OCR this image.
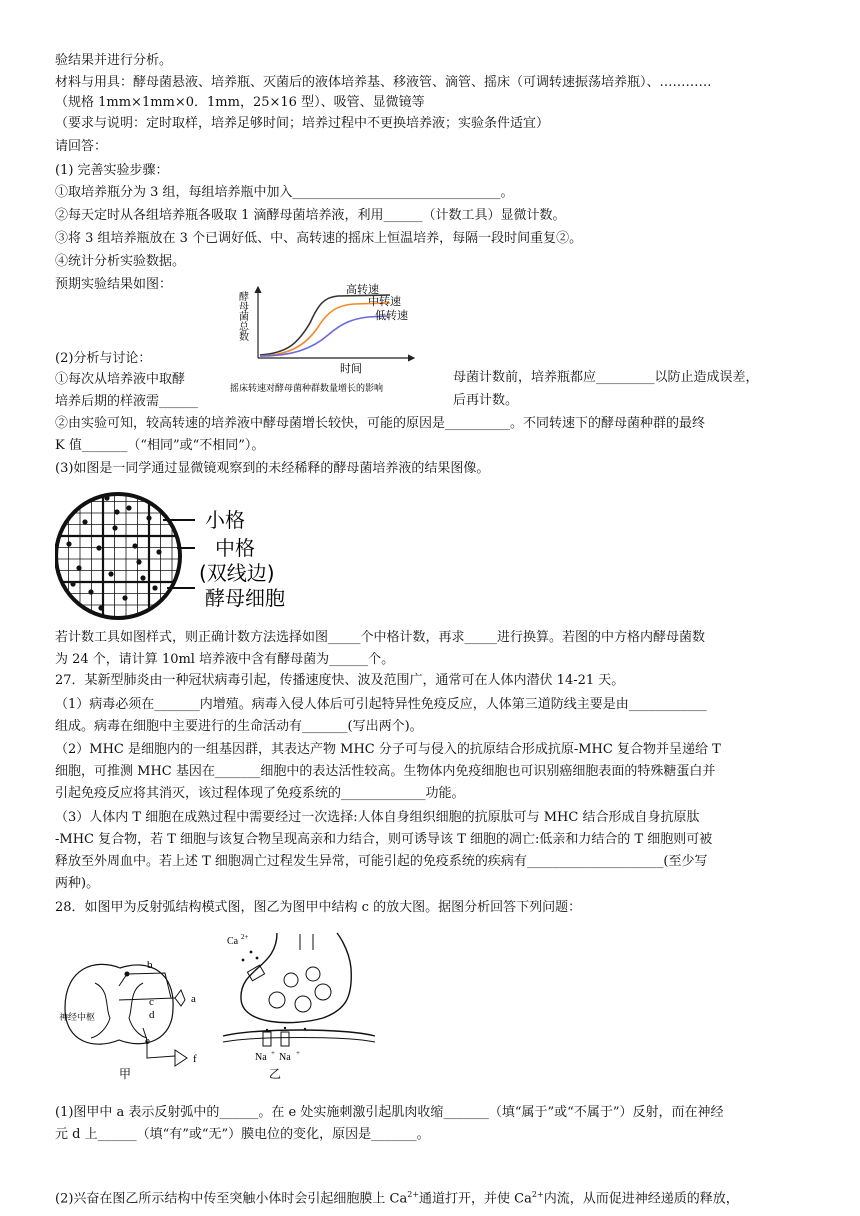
验结果并进行分析。
材料与用具：酵母菌悬液、培养瓶、灭菌后的液体培养基、移液管、滴管、摇床（可调转速振荡培养瓶）、…………
（规格 1mm×1mm×0．1mm，25×16 型）、吸管、显微镜等
（要求与说明：定时取样，培养足够时间；培养过程中不更换培养液；实验条件适宜）
请回答：
(1) 完善实验步骤：
①取培养瓶分为 3 组，每组培养瓶中加入________________________________。
②每天定时从各组培养瓶各吸取 1 滴酵母菌培养液，利用______（计数工具）显微计数。
③将 3 组培养瓶放在 3 个已调好低、中、高转速的摇床上恒温培养，每隔一段时间重复②。
④统计分析实验数据。
预期实验结果如图：
(2)分析与讨论：
①每次从培养液中取酵
培养后期的样液需______
②由实验可知，较高转速的培养液中酵母菌增长较快，可能的原因是__________。不同转速下的酵母菌种群的最终
K 值_______（“相同”或“不相同”）。
(3)如图是一同学通过显微镜观察到的未经稀释的酵母菌培养液的结果图像。
若计数工具如图样式，则正确计数方法选择如图_____个中格计数，再求_____进行换算。若图的中方格内酵母菌数
为 24 个，请计算 10ml 培养液中含有酵母菌为______个。
27．某新型肺炎由一种冠状病毒引起，传播速度快、波及范围广，通常可在人体内潜伏 14-21 天。
（1）病毒必须在_______内增殖。病毒入侵人体后可引起特异性免疫反应，人体第三道防线主要是由____________
组成。病毒在细胞中主要进行的生命活动有_______(写出两个)。
（2）MHC 是细胞内的一组基因群，其表达产物 MHC 分子可与侵入的抗原结合形成抗原-MHC 复合物并呈递给 T
细胞，可推测 MHC 基因在_______细胞中的表达活性较高。生物体内免疫细胞也可识别癌细胞表面的特殊糖蛋白并
引起免疫反应将其消灭，该过程体现了免疫系统的_____________功能。
（3）人体内 T 细胞在成熟过程中需要经过一次选择:人体自身组织细胞的抗原肽可与 MHC 结合形成自身抗原肽
-MHC 复合物，若 T 细胞与该复合物呈现高亲和力结合，则可诱导该 T 细胞的凋亡:低亲和力结合的 T 细胞则可被
释放至外周血中。若上述 T 细胞凋亡过程发生异常，可能引起的免疫系统的疾病有_____________________(至少写
两种)。
28．如图甲为反射弧结构模式图，图乙为图甲中结构 c 的放大图。据图分析回答下列问题：
(1)图甲中 a 表示反射弧中的______。在 e 处实施刺激引起肌肉收缩_______（填“属于”或“不属于”）反射，而在神经
元 d 上______（填“有”或“无”）膜电位的变化，原因是_______。
母菌计数前，培养瓶都应_________以防止造成误差，
后再计数。
(2)兴奋在图乙所示结构中传至突触小体时会引起细胞膜上 $Ca^{2+}$通道打开，并使 $Ca^{2+}$内流，从而促进神经递质的释放，
酵母菌总数
时间
摇床转速对酵母菌种群数量增长的影响
高转速
中转速
低转速
小格
中格
(双线边)
酵母细胞
神经中枢
a
b
c
d
e
f
甲
Ca 2+
Na + Na +
乙
